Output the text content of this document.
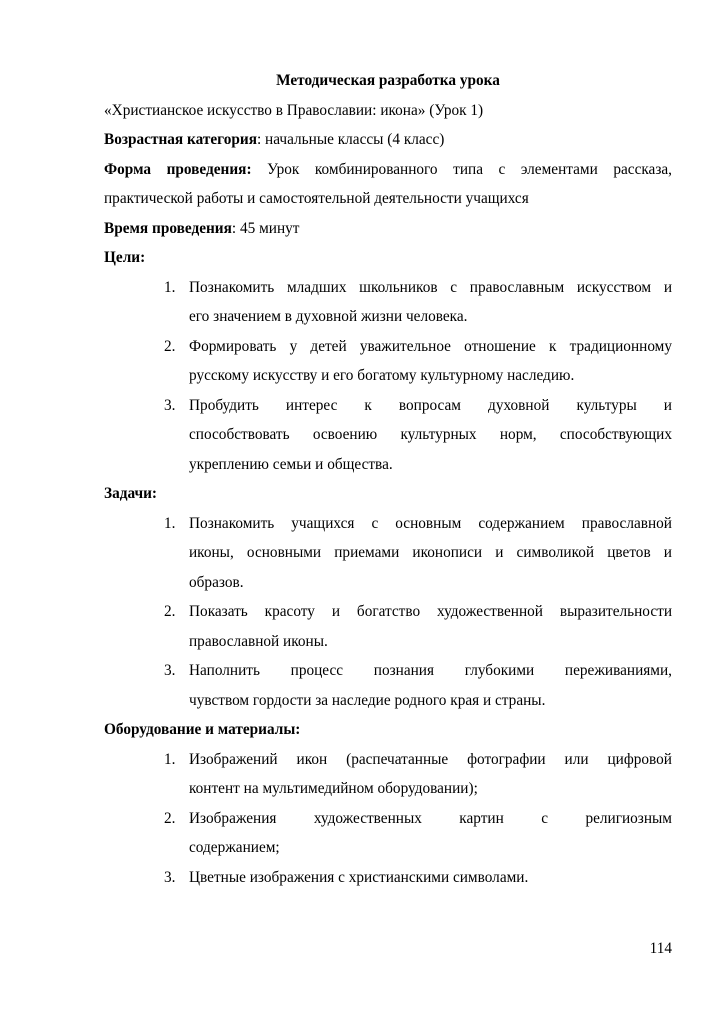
Методическая разработка урока
«Христианское искусство в Православии: икона» (Урок 1)
Возрастная категория: начальные классы (4 класс)
Форма проведения: Урок комбинированного типа с элементами рассказа,
практической работы и самостоятельной деятельности учащихся
Время проведения: 45 минут
Цели:
1. Познакомить младших школьников с православным искусством и
его значением в духовной жизни человека.
2. Формировать у детей уважительное отношение к традиционному
русскому искусству и его богатому культурному наследию.
3. Пробудить интерес к вопросам духовной культуры и
способствовать освоению культурных норм, способствующих
укреплению семьи и общества.
Задачи:
1. Познакомить учащихся с основным содержанием православной
иконы, основными приемами иконописи и символикой цветов и
образов.
2. Показать красоту и богатство художественной выразительности
православной иконы.
3. Наполнить процесс познания глубокими переживаниями,
чувством гордости за наследие родного края и страны.
Оборудование и материалы:
1. Изображений икон (распечатанные фотографии или цифровой
контент на мультимедийном оборудовании);
2. Изображения художественных картин с религиозным
содержанием;
3. Цветные изображения с христианскими символами.
114
